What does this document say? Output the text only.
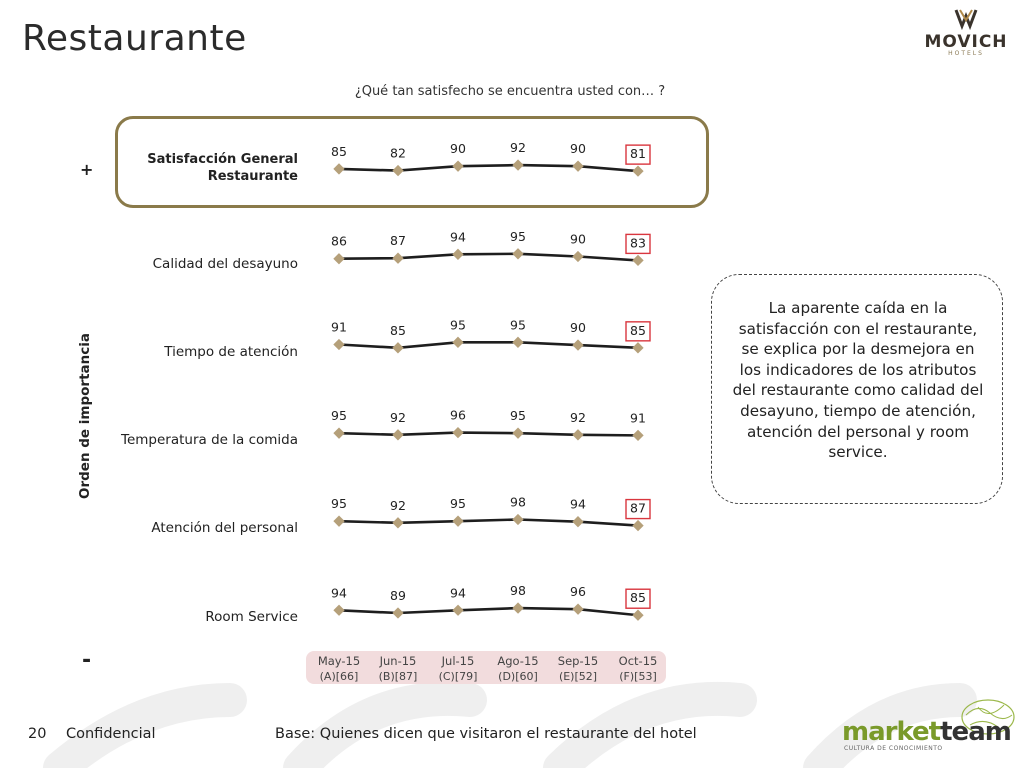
Restaurante	MOVICH
HOTELS
¿Qué tan satisfecho se encuentra usted con… ?
+
-
Orden de importancia
Satisfacción General Restaurante
Calidad del desayuno
Tiempo de atención
Temperatura de la comida
Atención del personal
Room Service
85	82	90	92	90	81
86	87	94	95	90	83
91	85	95	95	90	85
95	92	96	95	92	91
95	92	95	98	94	87
94	89	94	98	96	85
May-15
(A)[66]
Jun-15
(B)[87]
Jul-15
(C)[79]
Ago-15
(D)[60]
Sep-15
(E)[52]
Oct-15
(F)[53]

La aparente caída en la satisfacción con el restaurante, se explica por la desmejora en los indicadores de los atributos del restaurante como calidad del desayuno, tiempo de atención, atención del personal y room service.

20 Confidencial	Base: Quienes dicen que visitaron el restaurante del hotel	marketteam
CULTURA DE CONOCIMIENTO
